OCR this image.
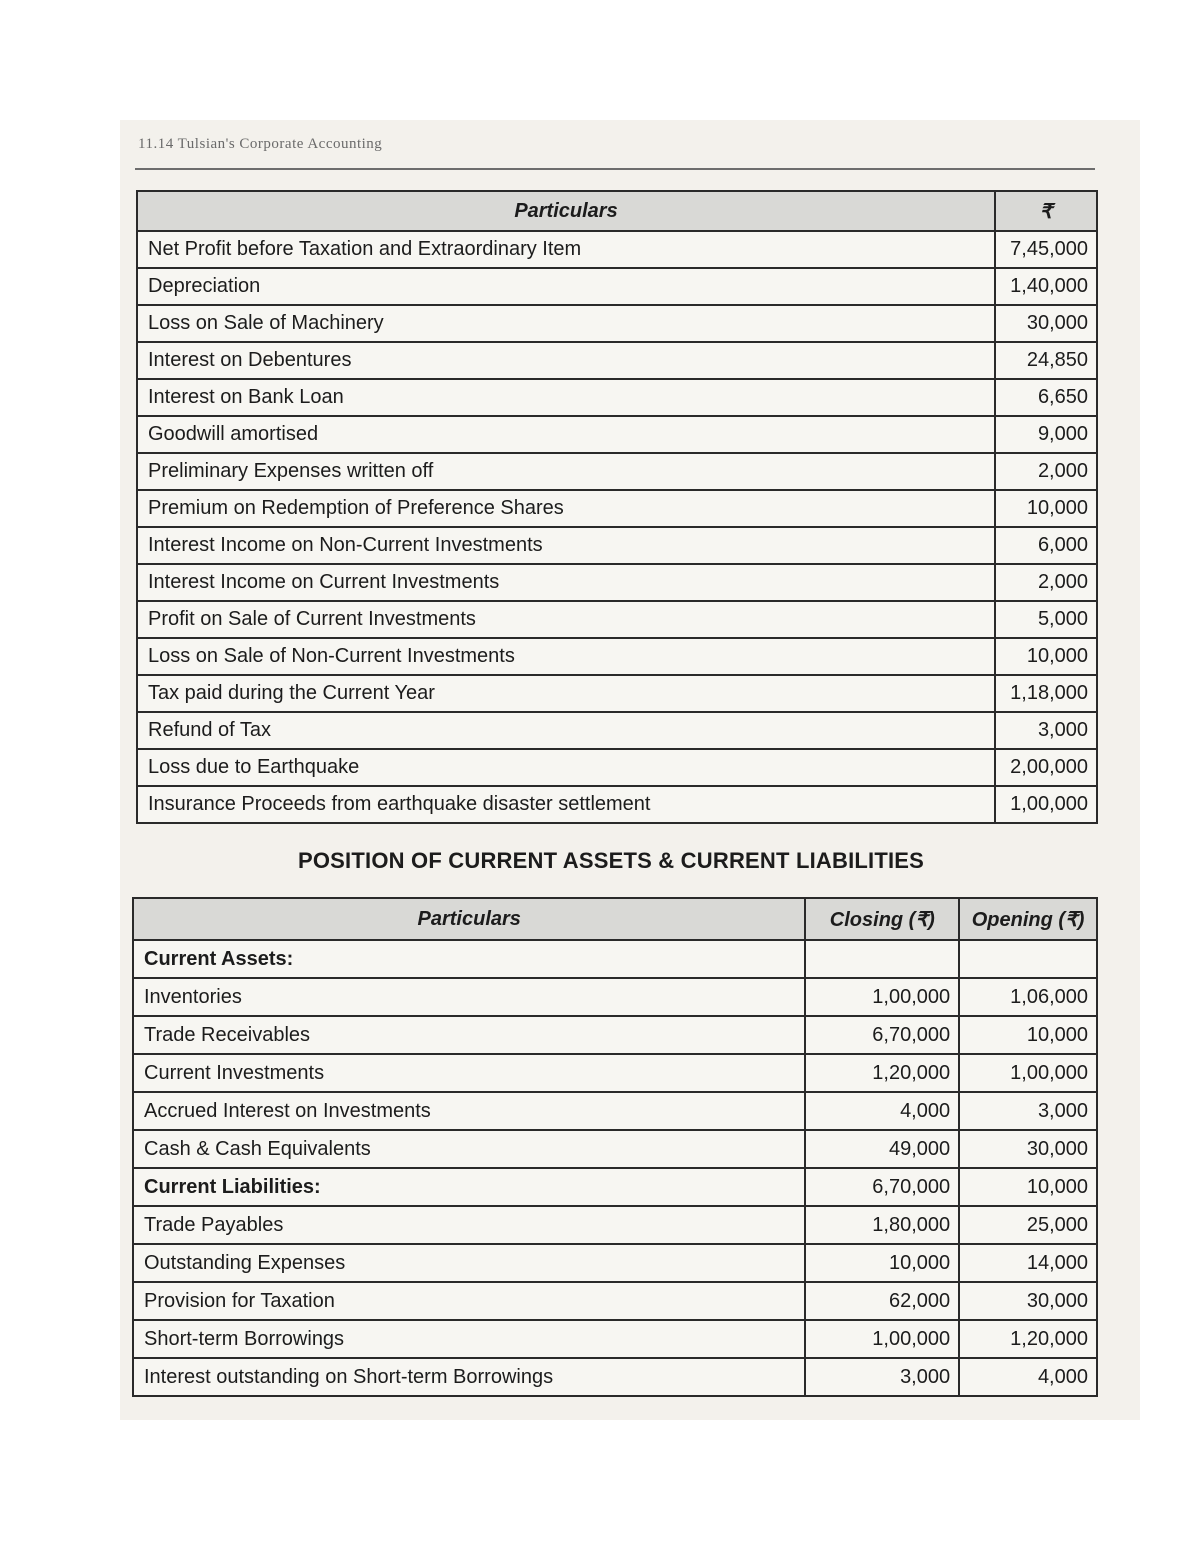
11.14 Tulsian's Corporate Accounting
Particulars	₹
Net Profit before Taxation and Extraordinary Item	7,45,000
Depreciation	1,40,000
Loss on Sale of Machinery	30,000
Interest on Debentures	24,850
Interest on Bank Loan	6,650
Goodwill amortised	9,000
Preliminary Expenses written off	2,000
Premium on Redemption of Preference Shares	10,000
Interest Income on Non-Current Investments	6,000
Interest Income on Current Investments	2,000
Profit on Sale of Current Investments	5,000
Loss on Sale of Non-Current Investments	10,000
Tax paid during the Current Year	1,18,000
Refund of Tax	3,000
Loss due to Earthquake	2,00,000
Insurance Proceeds from earthquake disaster settlement	1,00,000
POSITION OF CURRENT ASSETS & CURRENT LIABILITIES
Particulars	Closing (₹)	Opening (₹)
Current Assets:		
Inventories	1,00,000	1,06,000
Trade Receivables	6,70,000	10,000
Current Investments	1,20,000	1,00,000
Accrued Interest on Investments	4,000	3,000
Cash & Cash Equivalents	49,000	30,000
Current Liabilities:	6,70,000	10,000
Trade Payables	1,80,000	25,000
Outstanding Expenses	10,000	14,000
Provision for Taxation	62,000	30,000
Short-term Borrowings	1,00,000	1,20,000
Interest outstanding on Short-term Borrowings	3,000	4,000
